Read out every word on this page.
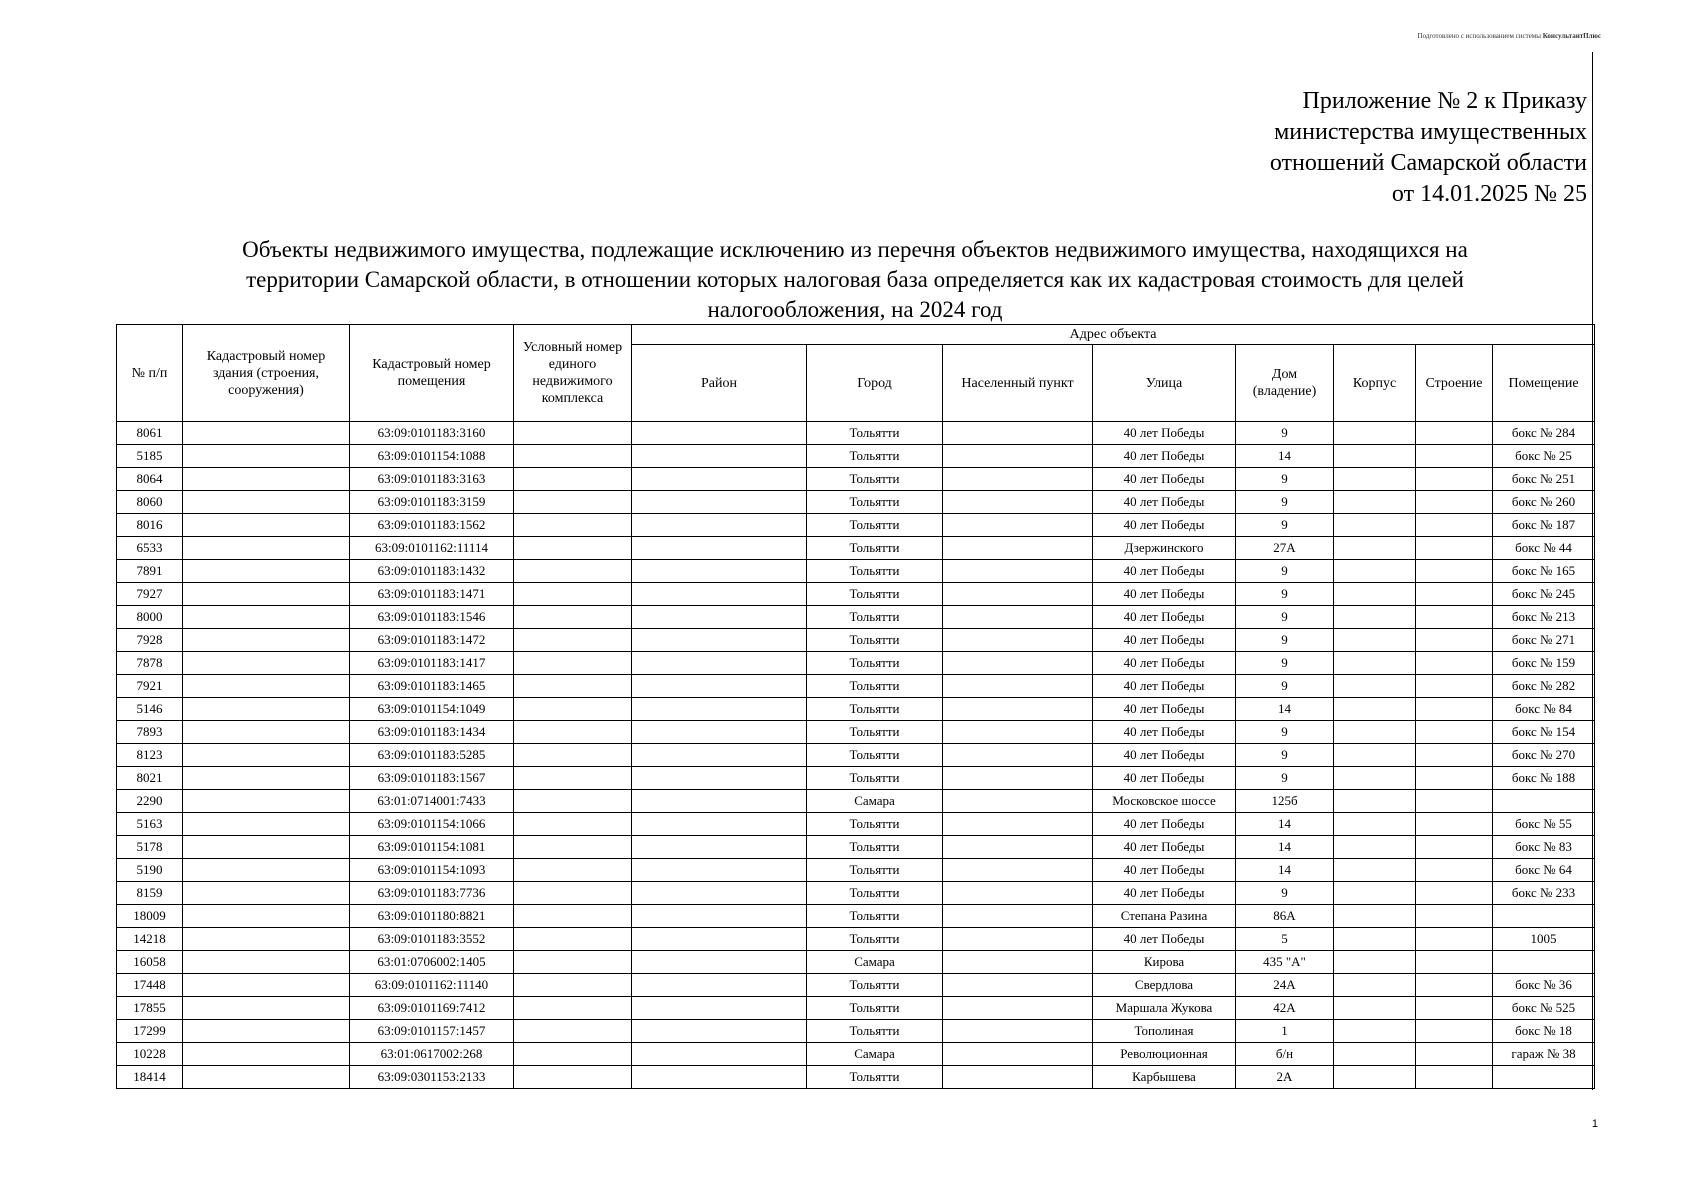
Подготовлено с использованием системы КонсультантПлюс
Приложение № 2 к Приказу
министерства имущественных
отношений Самарской области
от 14.01.2025 № 25
Объекты недвижимого имущества, подлежащие исключению из перечня объектов недвижимого имущества, находящихся на
территории Самарской области, в отношении которых налоговая база определяется как их кадастровая стоимость для целей
налогообложения, на 2024 год
№ п/п	Кадастровый номер здания (строения, сооружения)	Кадастровый номер помещения	Условный номер единого недвижимого комплекса	Адрес объекта							
				Район	Город	Населенный пункт	Улица	Дом (владение)	Корпус	Строение	Помещение
8061		63:09:0101183:3160			Тольятти		40 лет Победы	9			бокс № 284
5185		63:09:0101154:1088			Тольятти		40 лет Победы	14			бокс № 25
8064		63:09:0101183:3163			Тольятти		40 лет Победы	9			бокс № 251
8060		63:09:0101183:3159			Тольятти		40 лет Победы	9			бокс № 260
8016		63:09:0101183:1562			Тольятти		40 лет Победы	9			бокс № 187
6533		63:09:0101162:11114			Тольятти		Дзержинского	27А			бокс № 44
7891		63:09:0101183:1432			Тольятти		40 лет Победы	9			бокс № 165
7927		63:09:0101183:1471			Тольятти		40 лет Победы	9			бокс № 245
8000		63:09:0101183:1546			Тольятти		40 лет Победы	9			бокс № 213
7928		63:09:0101183:1472			Тольятти		40 лет Победы	9			бокс № 271
7878		63:09:0101183:1417			Тольятти		40 лет Победы	9			бокс № 159
7921		63:09:0101183:1465			Тольятти		40 лет Победы	9			бокс № 282
5146		63:09:0101154:1049			Тольятти		40 лет Победы	14			бокс № 84
7893		63:09:0101183:1434			Тольятти		40 лет Победы	9			бокс № 154
8123		63:09:0101183:5285			Тольятти		40 лет Победы	9			бокс № 270
8021		63:09:0101183:1567			Тольятти		40 лет Победы	9			бокс № 188
2290		63:01:0714001:7433			Самара		Московское шоссе	125б			
5163		63:09:0101154:1066			Тольятти		40 лет Победы	14			бокс № 55
5178		63:09:0101154:1081			Тольятти		40 лет Победы	14			бокс № 83
5190		63:09:0101154:1093			Тольятти		40 лет Победы	14			бокс № 64
8159		63:09:0101183:7736			Тольятти		40 лет Победы	9			бокс № 233
18009		63:09:0101180:8821			Тольятти		Степана Разина	86А			
14218		63:09:0101183:3552			Тольятти		40 лет Победы	5			1005
16058		63:01:0706002:1405			Самара		Кирова	435 "А"			
17448		63:09:0101162:11140			Тольятти		Свердлова	24А			бокс № 36
17855		63:09:0101169:7412			Тольятти		Маршала Жукова	42А			бокс № 525
17299		63:09:0101157:1457			Тольятти		Тополиная	1			бокс № 18
10228		63:01:0617002:268			Самара		Революционная	б/н			гараж № 38
18414		63:09:0301153:2133			Тольятти		Карбышева	2А			
1
